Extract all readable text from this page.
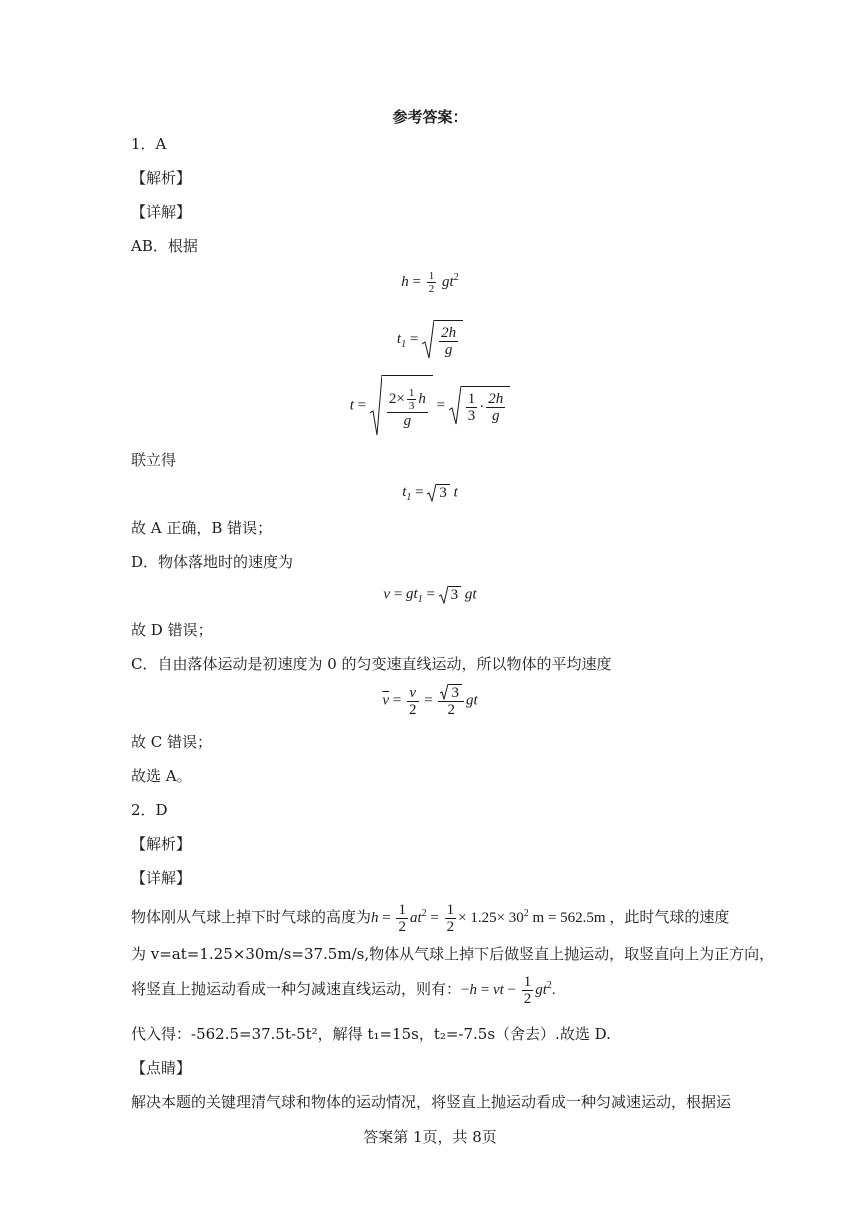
参考答案：
1．A
【解析】
【详解】
AB．根据
$h = \frac{1}{2} gt^2$
$t_1 = \frac{2h}{g}$
$t = \frac{2\times \frac{1}{3} h}{g} = \frac{1}{3} \cdot \frac{2h}{g}$
联立得
$t_1 = 3$ t
故 A 正确，B 错误；
D．物体落地时的速度为
$v = gt_1 = 3$ gt
故 D 错误；
C．自由落体运动是初速度为 0 的匀变速直线运动，所以物体的平均速度
$\overline{v} = \frac{v}{2} = \frac{3}{2}$ gt
故 C 错误；
故选 A。
2．D
【解析】
【详解】
物体刚从气球上掉下时气球的高度为$h = \frac{1}{2} at^2 = \frac{1}{2} \times 1.25\times 30^2$ m = 562.5m ，此时气球的速度
为 v=at=1.25×30m/s=37.5m/s,物体从气球上掉下后做竖直上抛运动，取竖直向上为正方向，
将竖直上抛运动看成一种匀减速直线运动，则有：−h = vt − $\frac{1}{2} gt^2$.
代入得：-562.5=37.5t-5t²，解得 t₁=15s，t₂=-7.5s（舍去）.故选 D.
【点睛】
解决本题的关键理清气球和物体的运动情况，将竖直上抛运动看成一种匀减速运动，根据运
答案第 1页，共 8页
